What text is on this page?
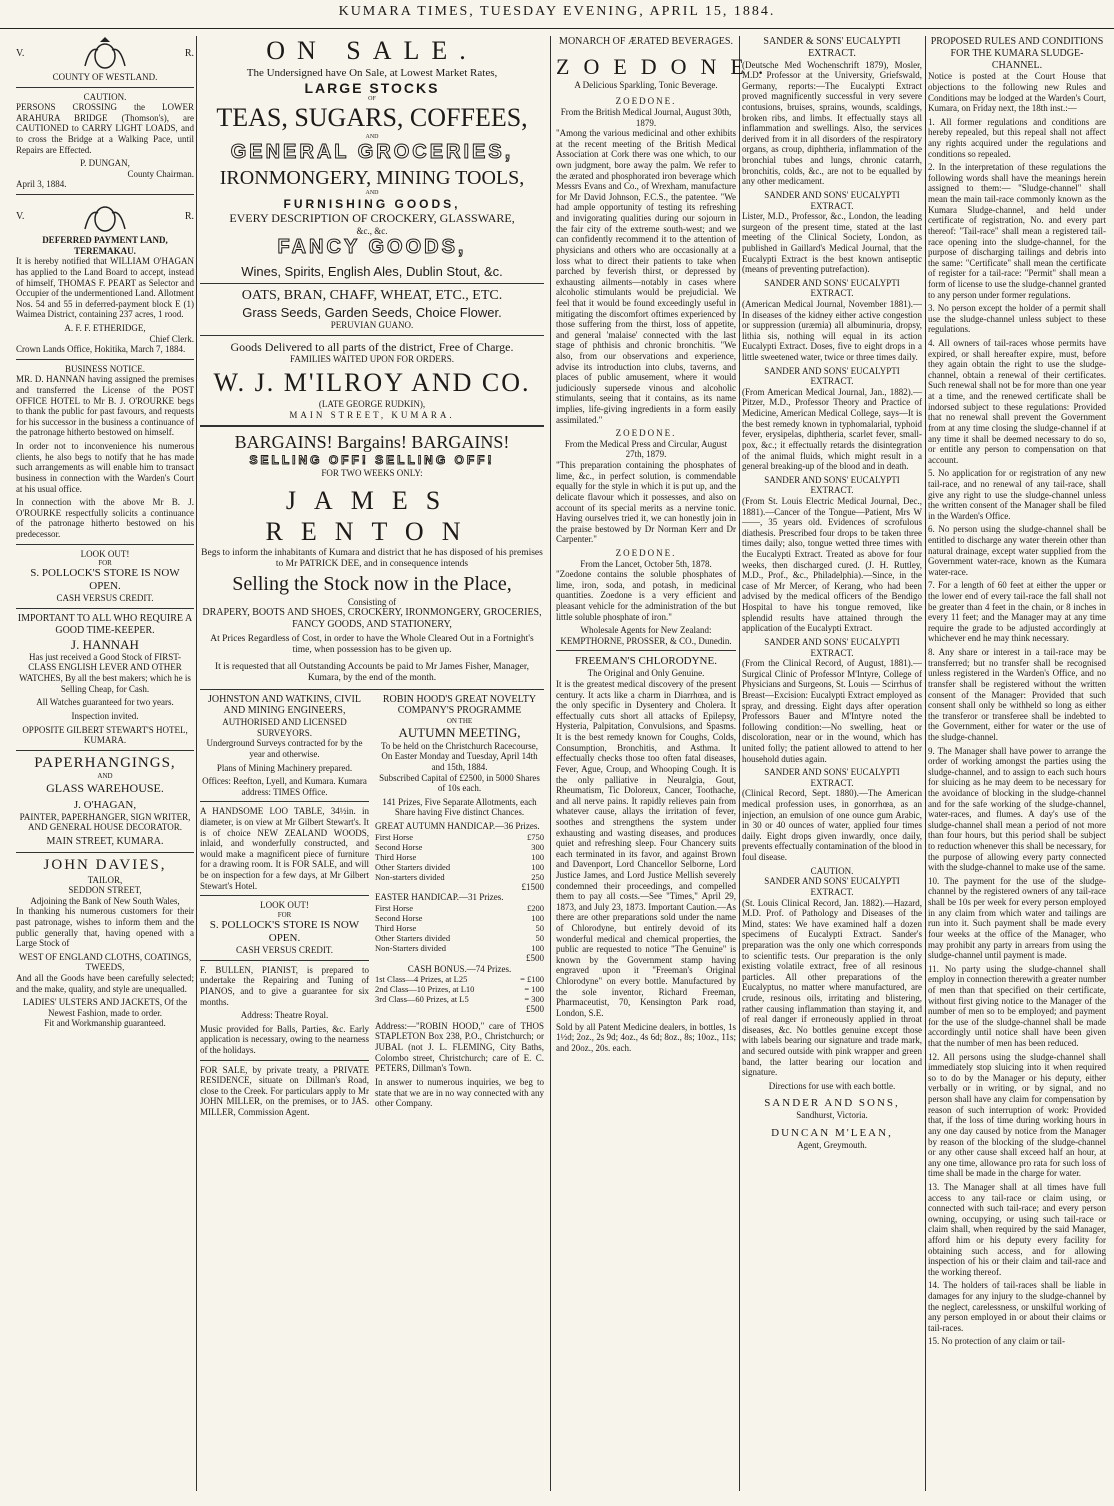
KUMARA TIMES, TUESDAY EVENING, APRIL 15, 1884.
V.	R.
COUNTY OF WESTLAND.
CAUTION.

PERSONS CROSSING the LOWER ARAHURA BRIDGE (Thomson's), are CAUTIONED to CARRY LIGHT LOADS, and to cross the Bridge at a Walking Pace, until Repairs are Effected.

P. DUNGAN,
County Chairman.
April 3, 1884.
V.	R.
DEFERRED PAYMENT LAND, TEREMAKAU.

It is hereby notified that WILLIAM O'HAGAN has applied to the Land Board to accept, instead of himself, THOMAS F. PEART as Selector and Occupier of the undermentioned Land. Allotment Nos. 54 and 55 in deferred-payment block E (1) Waimea District, containing 237 acres, 1 rood.

A. F. F. ETHERIDGE,
Chief Clerk.
Crown Lands Office, Hokitika, March 7, 1884.
BUSINESS NOTICE.

MR. D. HANNAN having assigned the premises and transferred the License of the POST OFFICE HOTEL to Mr B. J. O'ROURKE begs to thank the public for past favours, and requests for his successor in the business a continuance of the patronage hitherto bestowed on himself.

In order not to inconvenience his numerous clients, he also begs to notify that he has made such arrangements as will enable him to transact business in connection with the Warden's Court at his usual office.

In connection with the above Mr B. J. O'ROURKE respectfully solicits a continuance of the patronage hitherto bestowed on his predecessor.

LOOK OUT!
FOR
S. POLLOCK'S STORE IS NOW OPEN.
CASH VERSUS CREDIT.
IMPORTANT TO ALL WHO REQUIRE A GOOD TIME-KEEPER.
J. HANNAH

Has just received a Good Stock of FIRST-CLASS ENGLISH LEVER AND OTHER WATCHES, By all the best makers; which he is Selling Cheap, for Cash.

All Watches guaranteed for two years.

Inspection invited.

OPPOSITE GILBERT STEWART'S HOTEL, KUMARA.
PAPERHANGINGS,
AND
GLASS WAREHOUSE.
J. O'HAGAN,

PAINTER, PAPERHANGER, SIGN WRITER, AND GENERAL HOUSE DECORATOR.

MAIN STREET, KUMARA.
JOHN DAVIES,
TAILOR,
SEDDON STREET,
Adjoining the Bank of New South Wales,

In thanking his numerous customers for their past patronage, wishes to inform them and the public generally that, having opened with a Large Stock of

WEST OF ENGLAND CLOTHS, COATINGS, TWEEDS,

And all the Goods have been carefully selected; and the make, quality, and style are unequalled.

LADIES' ULSTERS AND JACKETS, Of the Newest Fashion, made to order.
Fit and Workmanship guaranteed.
ON SALE.
The Undersigned have On Sale, at Lowest Market Rates,
LARGE STOCKS
OF
TEAS, SUGARS, COFFEES,
AND
GENERAL GROCERIES,
IRONMONGERY, MINING TOOLS,
AND
FURNISHING GOODS,
EVERY DESCRIPTION OF CROCKERY, GLASSWARE,
&c., &c.
FANCY GOODS,
Wines, Spirits, English Ales, Dublin Stout, &c.
OATS, BRAN, CHAFF, WHEAT, ETC., ETC.
Grass Seeds, Garden Seeds, Choice Flower.
PERUVIAN GUANO.
Goods Delivered to all parts of the district, Free of Charge.
FAMILIES WAITED UPON FOR ORDERS.
W. J. M'ILROY AND CO.
(LATE GEORGE RUDKIN),
MAIN STREET, KUMARA.
BARGAINS! Bargains! BARGAINS!
SELLING OFF! SELLING OFF!
FOR TWO WEEKS ONLY:
JAMES RENTON

Begs to inform the inhabitants of Kumara and district that he has disposed of his premises to Mr PATRICK DEE, and in consequence intends

Selling the Stock now in the Place,
Consisting of

DRAPERY, BOOTS AND SHOES, CROCKERY, IRONMONGERY, GROCERIES, FANCY GOODS, AND STATIONERY,

At Prices Regardless of Cost, in order to have the Whole Cleared Out in a Fortnight's time, when possession has to be given up.

It is requested that all Outstanding Accounts be paid to Mr James Fisher, Manager, Kumara, by the end of the month.

JOHNSTON AND WATKINS, CIVIL AND MINING ENGINEERS,
AUTHORISED AND LICENSED SURVEYORS.

Underground Surveys contracted for by the year and otherwise.

Plans of Mining Machinery prepared.

Offices: Reefton, Lyell, and Kumara. Kumara address: TIMES Office.

A HANDSOME LOO TABLE, 34½in. in diameter, is on view at Mr Gilbert Stewart's. It is of choice NEW ZEALAND WOODS, inlaid, and wonderfully constructed, and would make a magnificent piece of furniture for a drawing room. It is FOR SALE, and will be on inspection for a few days, at Mr Gilbert Stewart's Hotel.

LOOK OUT!
FOR
S. POLLOCK'S STORE IS NOW OPEN.
CASH VERSUS CREDIT.

F. BULLEN, PIANIST, is prepared to undertake the Repairing and Tuning of PIANOS, and to give a guarantee for six months.

Address: Theatre Royal.

Music provided for Balls, Parties, &c. Early application is necessary, owing to the nearness of the holidays.

FOR SALE, by private treaty, a PRIVATE RESIDENCE, situate on Dillman's Road, close to the Creek. For particulars apply to Mr JOHN MILLER, on the premises, or to JAS. MILLER, Commission Agent.

ROBIN HOOD'S GREAT NOVELTY COMPANY'S PROGRAMME
ON THE
AUTUMN MEETING,
To be held on the Christchurch Racecourse,
On Easter Monday and Tuesday, April 14th and 15th, 1884.

Subscribed Capital of £2500, in 5000 Shares of 10s each.

141 Prizes, Five Separate Allotments, each Share having Five distinct Chances.

GREAT AUTUMN HANDICAP.—36 Prizes.
First Horse	£750
Second Horse	300
Third Horse	100
Other Starters divided	100
Non-starters divided	250
£1500
EASTER HANDICAP.—31 Prizes.
First Horse	£200
Second Horse	100
Third Horse	50
Other Starters divided	50
Non-Starters divided	100
£500
CASH BONUS.—74 Prizes.
1st Class—4 Prizes, at L25	= £100
2nd Class—10 Prizes, at L10	= 100
3rd Class—60 Prizes, at L5	= 300
£500

Address:—"ROBIN HOOD," care of THOS STAPLETON Box 238, P.O., Christchurch; or JUBAL (not J. L. FLEMING, City Baths, Colombo street, Christchurch; care of E. C. PETERS, Dillman's Town.

In answer to numerous inquiries, we beg to state that we are in no way connected with any other Company.

MONARCH OF ÆRATED BEVERAGES.
ZOEDONE.
A Delicious Sparkling, Tonic Beverage.
ZOEDONE.
From the British Medical Journal, August 30th, 1879.

"Among the various medicinal and other exhibits at the recent meeting of the British Medical Association at Cork there was one which, to our own judgment, bore away the palm. We refer to the ærated and phosphorated iron beverage which Messrs Evans and Co., of Wrexham, manufacture for Mr David Johnson, F.C.S., the patentee. "We had ample opportunity of testing its refreshing and invigorating qualities during our sojourn in the fair city of the extreme south-west; and we can confidently recommend it to the attention of physicians and others who are occasionally at a loss what to direct their patients to take when parched by feverish thirst, or depressed by exhausting ailments—notably in cases where alcoholic stimulants would be prejudicial. We feel that it would be found exceedingly useful in mitigating the discomfort oftimes experienced by those suffering from the thirst, loss of appetite, and general 'malaise' connected with the last stage of phthisis and chronic bronchitis. "We also, from our observations and experience, advise its introduction into clubs, taverns, and places of public amusement, where it would judiciously supersede vinous and alcoholic stimulants, seeing that it contains, as its name implies, life-giving ingredients in a form easily assimilated."

ZOEDONE.
From the Medical Press and Circular, August 27th, 1879.

"This preparation containing the phosphates of lime, &c., in perfect solution, is commendable equally for the style in which it is put up, and the delicate flavour which it possesses, and also on account of its special merits as a nervine tonic. Having ourselves tried it, we can honestly join in the praise bestowed by Dr Norman Kerr and Dr Carpenter."

ZOEDONE.
From the Lancet, October 5th, 1878.

"Zoedone contains the soluble phosphates of lime, iron, soda, and potash, in medicinal quantities. Zoedone is a very efficient and pleasant vehicle for the administration of the but little soluble phosphate of iron."

Wholesale Agents for New Zealand:
KEMPTHORNE, PROSSER, & CO., Dunedin.
FREEMAN'S CHLORODYNE.
The Original and Only Genuine.

It is the greatest medical discovery of the present century. It acts like a charm in Diarrhœa, and is the only specific in Dysentery and Cholera. It effectually cuts short all attacks of Epilepsy, Hysteria, Palpitation, Convulsions, and Spasms. It is the best remedy known for Coughs, Colds, Consumption, Bronchitis, and Asthma. It effectually checks those too often fatal diseases, Fever, Ague, Croup, and Whooping Cough. It is the only palliative in Neuralgia, Gout, Rheumatism, Tic Doloreux, Cancer, Toothache, and all nerve pains. It rapidly relieves pain from whatever cause, allays the irritation of fever, soothes and strengthens the system under exhausting and wasting diseases, and produces quiet and refreshing sleep. Four Chancery suits each terminated in its favor, and against Brown and Davenport, Lord Chancellor Selborne, Lord Justice James, and Lord Justice Mellish severely condemned their proceedings, and compelled them to pay all costs.—See "Times," April 29, 1873, and July 23, 1873. Important Caution.—As there are other preparations sold under the name of Chlorodyne, but entirely devoid of its wonderful medical and chemical properties, the public are requested to notice "The Genuine" is known by the Government stamp having engraved upon it "Freeman's Original Chlorodyne" on every bottle. Manufactured by the sole inventor, Richard Freeman, Pharmaceutist, 70, Kensington Park road, London, S.E.

Sold by all Patent Medicine dealers, in bottles, 1s 1½d; 2oz., 2s 9d; 4oz., 4s 6d; 8oz., 8s; 10oz., 11s; and 20oz., 20s. each.

SANDER & SONS' EUCALYPTI EXTRACT.

(Deutsche Med Wochenschrift 1879), Mosler, M.D. Professor at the University, Griefswald, Germany, reports:—The Eucalypti Extract proved magnificently successful in very severe contusions, bruises, sprains, wounds, scaldings, broken ribs, and limbs. It effectually stays all inflammation and swellings. Also, the services derived from it in all disorders of the respiratory organs, as croup, diphtheria, inflammation of the bronchial tubes and lungs, chronic catarrh, bronchitis, colds, &c., are not to be equalled by any other medicament.

SANDER AND SONS' EUCALYPTI EXTRACT.

Lister, M.D., Professor, &c., London, the leading surgeon of the present time, stated at the last meeting of the Clinical Society, London, as published in Gaillard's Medical Journal, that the Eucalypti Extract is the best known antiseptic (means of preventing putrefaction).

SANDER AND SONS' EUCALYPTI EXTRACT.

(American Medical Journal, November 1881).—In diseases of the kidney either active congestion or suppression (uræmia) all albuminuria, dropsy, lithia sis, nothing will equal in its action Eucalypti Extract. Doses, five to eight drops in a little sweetened water, twice or three times daily.

SANDER AND SONS' EUCALYPTI EXTRACT.

(From American Medical Journal, Jan., 1882).—Pitzer, M.D., Professor Theory and Practice of Medicine, American Medical College, says—It is the best remedy known in typhomalarial, typhoid fever, erysipelas, diphtheria, scarlet fever, small-pox, &c.; it effectually retards the disintegration of the animal fluids, which might result in a general breaking-up of the blood and in death.

SANDER AND SONS' EUCALYPTI EXTRACT.

(From St. Louis Electric Medical Journal, Dec., 1881).—Cancer of the Tongue—Patient, Mrs W——, 35 years old. Evidences of scrofulous diathesis. Prescribed four drops to be taken three times daily; also, tongue wetted three times with the Eucalypti Extract. Treated as above for four weeks, then discharged cured. (J. H. Ruttley, M.D., Prof., &c., Philadelphia).—Since, in the case of Mr Mercer, of Kerang, who had been advised by the medical officers of the Bendigo Hospital to have his tongue removed, like splendid results have attained through the application of the Eucalypti Extract.

SANDER AND SONS' EUCALYPTI EXTRACT.

(From the Clinical Record, of August, 1881).—Surgical Clinic of Professor M'Intyre, College of Physicians and Surgeons, St. Louis — Scirrhus of Breast—Excision: Eucalypti Extract employed as spray, and dressing. Eight days after operation Professors Bauer and M'Intyre noted the following condition:—No swelling, heat or discoloration, near or in the wound, which has united folly; the patient allowed to attend to her household duties again.

SANDER AND SONS' EUCALYPTI EXTRACT.

(Clinical Record, Sept. 1880).—The American medical profession uses, in gonorrhœa, as an injection, an emulsion of one ounce gum Arabic, in 30 or 40 ounces of water, applied four times daily. Eight drops given inwardly, once daily, prevents effectually contamination of the blood in foul disease.

CAUTION.
SANDER AND SONS' EUCALYPTI EXTRACT.

(St. Louis Clinical Record, Jan. 1882).—Hazard, M.D. Prof. of Pathology and Diseases of the Mind, states: We have examined half a dozen specimens of Eucalypti Extract. Sander's preparation was the only one which corresponds to scientific tests. Our preparation is the only existing volatile extract, free of all resinous particles. All other preparations of the Eucalyptus, no matter where manufactured, are crude, resinous oils, irritating and blistering, rather causing inflammation than staying it, and of real danger if erroneously applied in throat diseases, &c. No bottles genuine except those with labels bearing our signature and trade mark, and secured outside with pink wrapper and green band, the latter bearing our location and signature.

Directions for use with each bottle.
SANDER AND SONS,
Sandhurst, Victoria.
DUNCAN M'LEAN,
Agent, Greymouth.
PROPOSED RULES AND CONDITIONS FOR THE KUMARA SLUDGE-CHANNEL.

Notice is posted at the Court House that objections to the following new Rules and Conditions may be lodged at the Warden's Court, Kumara, on Friday next, the 18th inst.:—

1. All former regulations and conditions are hereby repealed, but this repeal shall not affect any rights acquired under the regulations and conditions so repealed.

2. In the interpretation of these regulations the following words shall have the meanings herein assigned to them:— "Sludge-channel" shall mean the main tail-race commonly known as the Kumara Sludge-channel, and held under certificate of registration, No. and every part thereof: "Tail-race" shall mean a registered tail-race opening into the sludge-channel, for the purpose of discharging tailings and debris into the same: "Certificate" shall mean the certificate of register for a tail-race: "Permit" shall mean a form of license to use the sludge-channel granted to any person under former regulations.

3. No person except the holder of a permit shall use the sludge-channel unless subject to these regulations.

4. All owners of tail-races whose permits have expired, or shall hereafter expire, must, before they again obtain the right to use the sludge-channel, obtain a renewal of their certificates. Such renewal shall not be for more than one year at a time, and the renewed certificate shall be indorsed subject to these regulations: Provided that no renewal shall prevent the Government from at any time closing the sludge-channel if at any time it shall be deemed necessary to do so, or entitle any person to compensation on that account.

5. No application for or registration of any new tail-race, and no renewal of any tail-race, shall give any right to use the sludge-channel unless the written consent of the Manager shall be filed in the Warden's Office.

6. No person using the sludge-channel shall be entitled to discharge any water therein other than natural drainage, except water supplied from the Government water-race, known as the Kumara water-race.

7. For a length of 60 feet at either the upper or the lower end of every tail-race the fall shall not be greater than 4 feet in the chain, or 8 inches in every 11 feet; and the Manager may at any time require the grade to be adjusted accordingly at whichever end he may think necessary.

8. Any share or interest in a tail-race may be transferred; but no transfer shall be recognised unless registered in the Warden's Office, and no transfer shall be registered without the written consent of the Manager: Provided that such consent shall only be withheld so long as either the transferor or transferee shall be indebted to the Government, either for water or the use of the sludge-channel.

9. The Manager shall have power to arrange the order of working amongst the parties using the sludge-channel, and to assign to each such hours for sluicing as he may deem to be necessary for the avoidance of blocking in the sludge-channel and for the safe working of the sludge-channel, water-races, and flumes. A day's use of the sludge-channel shall mean a period of not more than four hours, but this period shall be subject to reduction whenever this shall be necessary, for the purpose of allowing every party connected with the sludge-channel to make use of the same.

10. The payment for the use of the sludge-channel by the registered owners of any tail-race shall be 10s per week for every person employed in any claim from which water and tailings are run into it. Such payment shall be made every four weeks at the office of the Manager, who may prohibit any party in arrears from using the sludge-channel until payment is made.

11. No party using the sludge-channel shall employ in connection therewith a greater number of men than that specified on their certificate, without first giving notice to the Manager of the number of men so to be employed; and payment for the use of the sludge-channel shall be made accordingly until notice shall have been given that the number of men has been reduced.

12. All persons using the sludge-channel shall immediately stop sluicing into it when required so to do by the Manager or his deputy, either verbally or in writing, or by signal, and no person shall have any claim for compensation by reason of such interruption of work: Provided that, if the loss of time during working hours in any one day caused by notice from the Manager by reason of the blocking of the sludge-channel or any other cause shall exceed half an hour, at any one time, allowance pro rata for such loss of time shall be made in the charge for water.

13. The Manager shall at all times have full access to any tail-race or claim using, or connected with such tail-race; and every person owning, occupying, or using such tail-race or claim shall, when required by the said Manager, afford him or his deputy every facility for obtaining such access, and for allowing inspection of his or their claim and tail-race and the working thereof.

14. The holders of tail-races shall be liable in damages for any injury to the sludge-channel by the neglect, carelessness, or unskilful working of any person employed in or about their claims or tail-races.

15. No protection of any claim or tail-
